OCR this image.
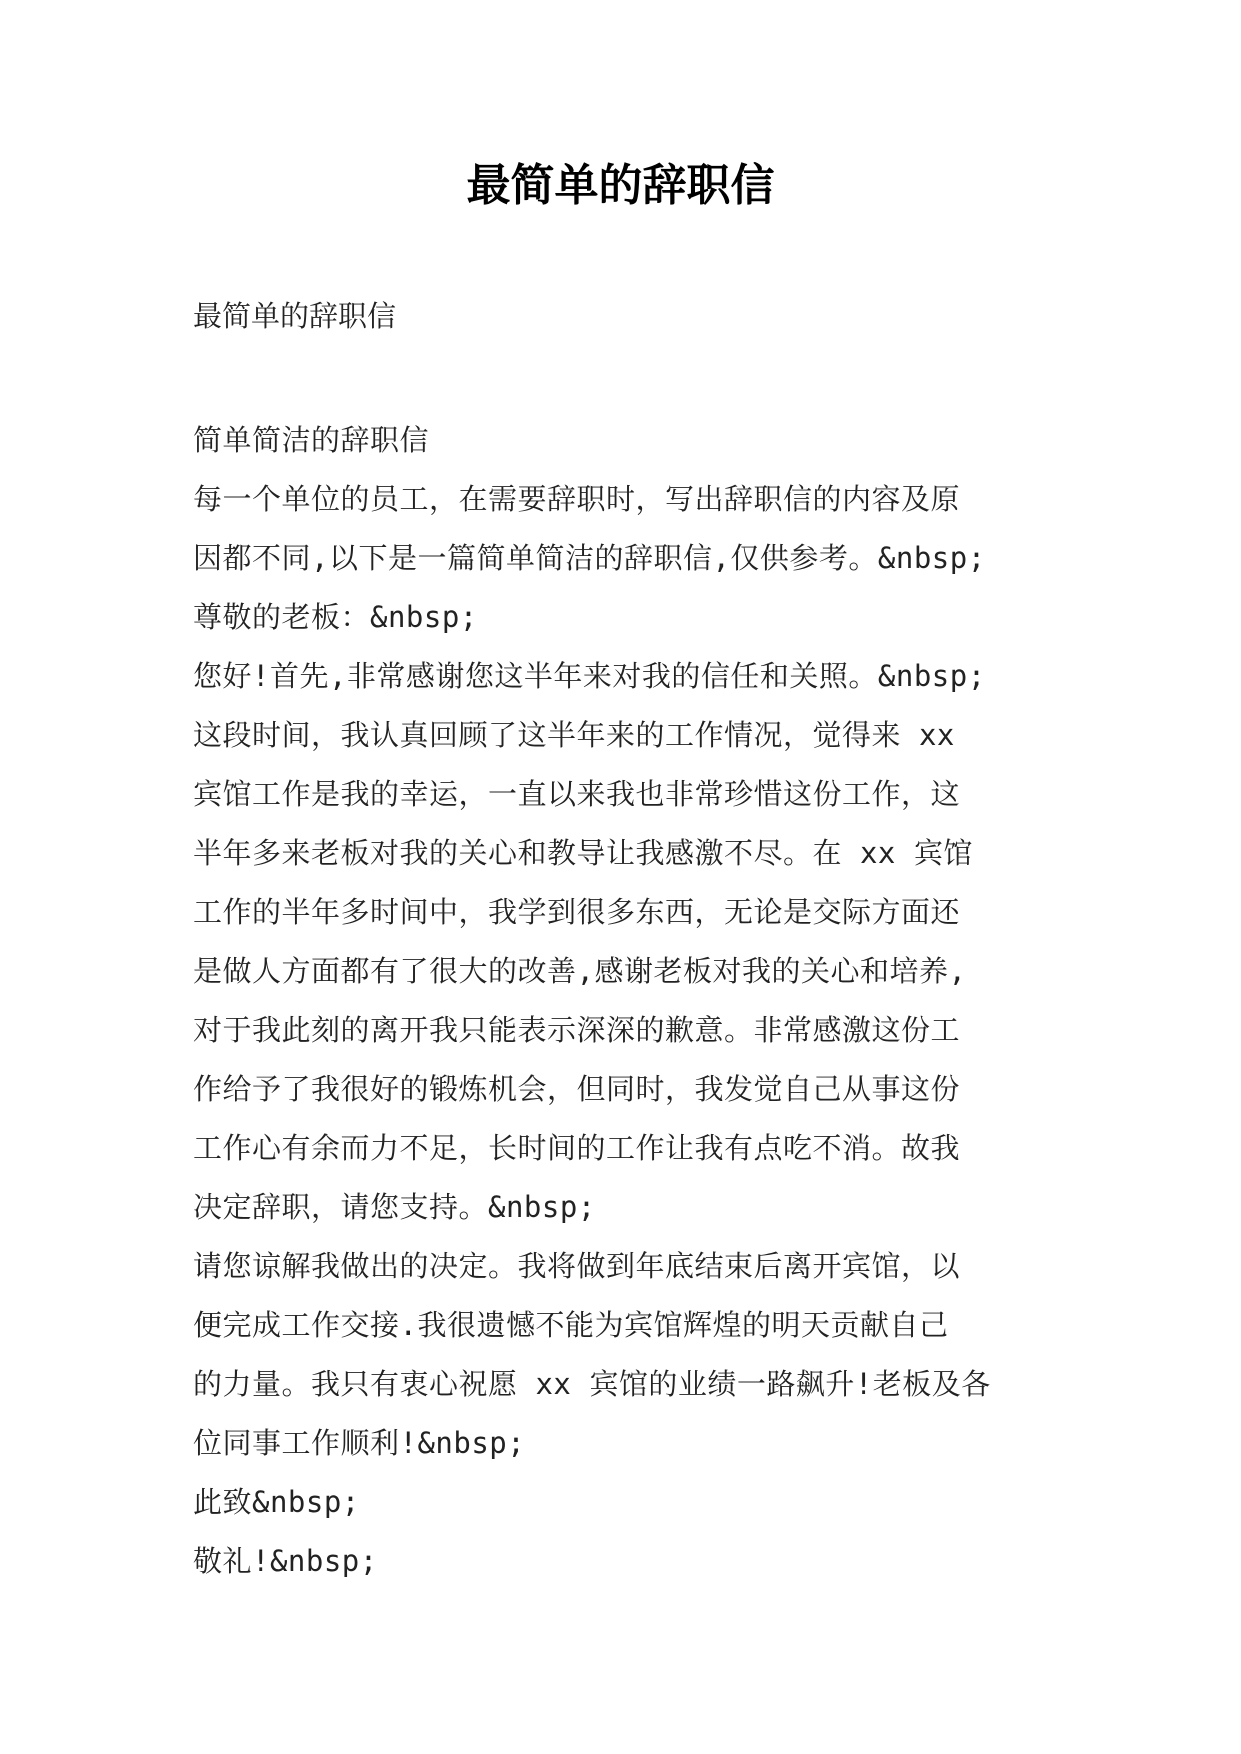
最简单的辞职信
最简单的辞职信
简单简洁的辞职信
每一个单位的员工，在需要辞职时，写出辞职信的内容及原
因都不同,以下是一篇简单简洁的辞职信,仅供参考。&nbsp;
尊敬的老板：&nbsp;
您好!首先,非常感谢您这半年来对我的信任和关照。&nbsp;
这段时间，我认真回顾了这半年来的工作情况，觉得来 xx
宾馆工作是我的幸运，一直以来我也非常珍惜这份工作，这
半年多来老板对我的关心和教导让我感激不尽。在 xx 宾馆
工作的半年多时间中，我学到很多东西，无论是交际方面还
是做人方面都有了很大的改善,感谢老板对我的关心和培养,
对于我此刻的离开我只能表示深深的歉意。非常感激这份工
作给予了我很好的锻炼机会，但同时，我发觉自己从事这份
工作心有余而力不足，长时间的工作让我有点吃不消。故我
决定辞职，请您支持。&nbsp;
请您谅解我做出的决定。我将做到年底结束后离开宾馆，以
便完成工作交接.我很遗憾不能为宾馆辉煌的明天贡献自己
的力量。我只有衷心祝愿 xx 宾馆的业绩一路飙升!老板及各
位同事工作顺利!&nbsp;
此致&nbsp;
敬礼!&nbsp;
